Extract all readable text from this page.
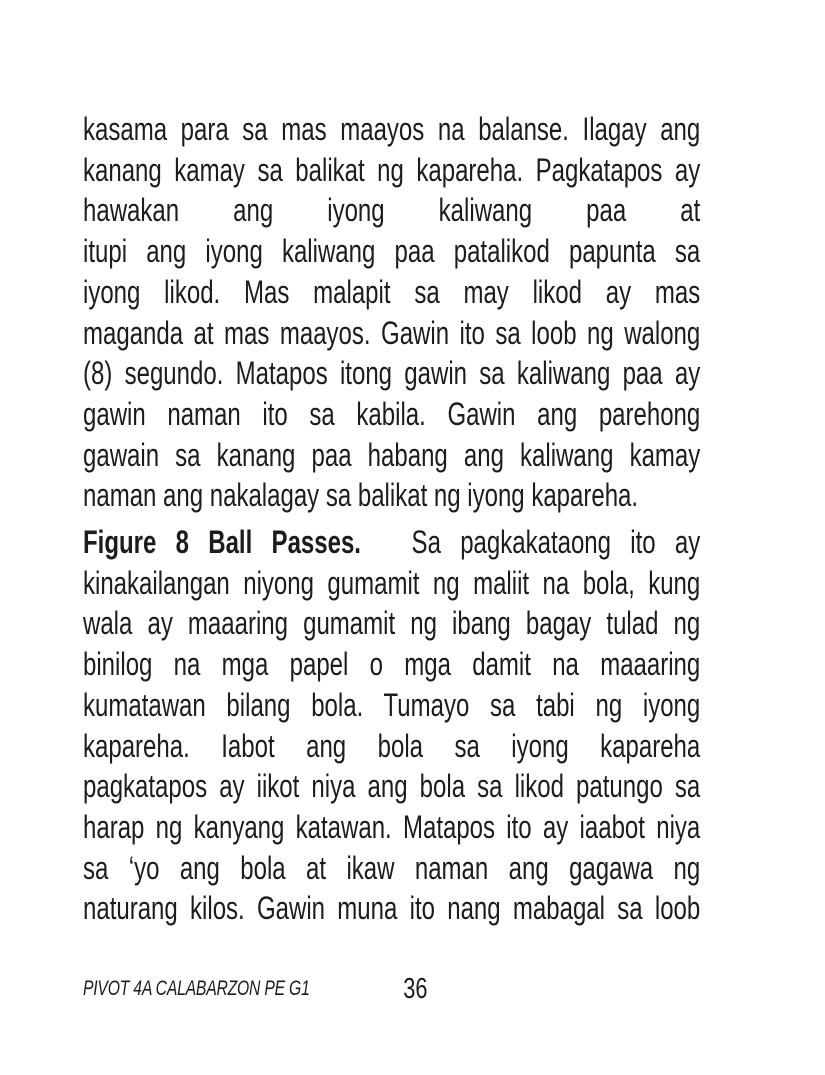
kasama para sa mas maayos na balanse. Ilagay ang
kanang kamay sa balikat ng kapareha. Pagkatapos ay
hawakan ang iyong kaliwang paa at
itupi ang iyong kaliwang paa patalikod papunta sa
iyong likod. Mas malapit sa may likod ay mas
maganda at mas maayos. Gawin ito sa loob ng walong
(8) segundo. Matapos itong gawin sa kaliwang paa ay
gawin naman ito sa kabila. Gawin ang parehong
gawain sa kanang paa habang ang kaliwang kamay
naman ang nakalagay sa balikat ng iyong kapareha.
Figure 8 Ball Passes. Sa pagkakataong ito ay
kinakailangan niyong gumamit ng maliit na bola, kung
wala ay maaaring gumamit ng ibang bagay tulad ng
binilog na mga papel o mga damit na maaaring
kumatawan bilang bola. Tumayo sa tabi ng iyong
kapareha. Iabot ang bola sa iyong kapareha
pagkatapos ay iikot niya ang bola sa likod patungo sa
harap ng kanyang katawan. Matapos ito ay iaabot niya
sa ‘yo ang bola at ikaw naman ang gagawa ng
naturang kilos. Gawin muna ito nang mabagal sa loob
PIVOT 4A CALABARZON PE G1	36
